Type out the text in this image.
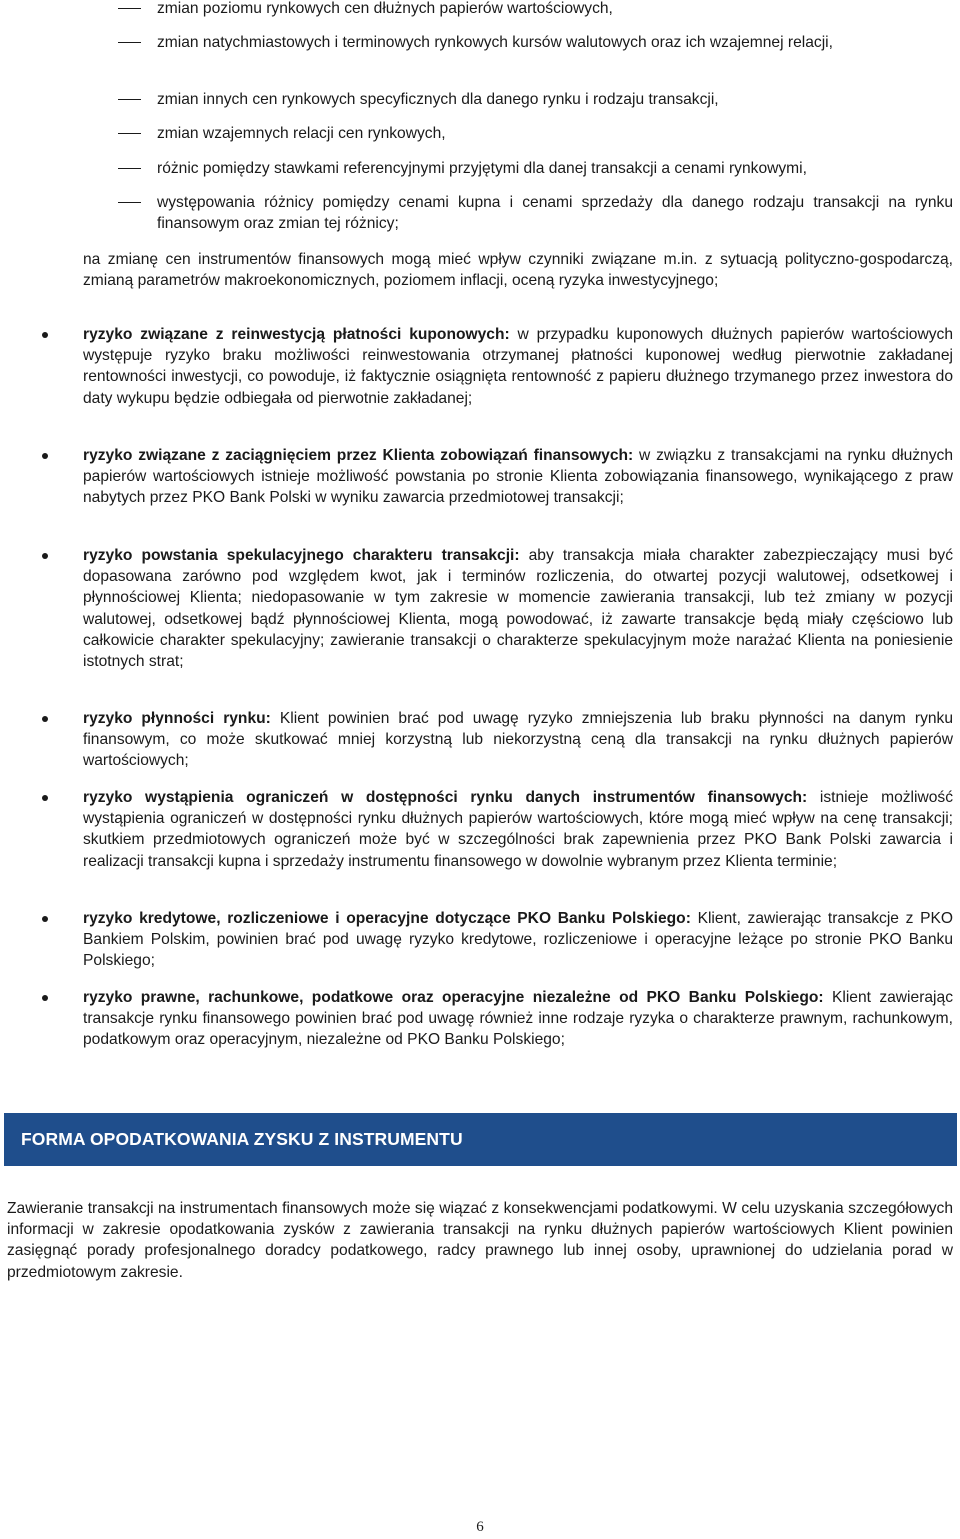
zmian poziomu rynkowych cen dłużnych papierów wartościowych,
zmian natychmiastowych i terminowych rynkowych kursów walutowych oraz ich wzajemnej relacji,
zmian innych cen rynkowych specyficznych dla danego rynku i rodzaju transakcji,
zmian wzajemnych relacji cen rynkowych,
różnic pomiędzy stawkami referencyjnymi przyjętymi dla danej transakcji a cenami rynkowymi,
występowania różnicy pomiędzy cenami kupna i cenami sprzedaży dla danego rodzaju transakcji na rynku finansowym oraz zmian tej różnicy;
na zmianę cen instrumentów finansowych mogą mieć wpływ czynniki związane m.in. z sytuacją polityczno-gospodarczą, zmianą parametrów makroekonomicznych, poziomem inflacji, oceną ryzyka inwestycyjnego;
ryzyko związane z reinwestycją płatności kuponowych: w przypadku kuponowych dłużnych papierów wartościowych występuje ryzyko braku możliwości reinwestowania otrzymanej płatności kuponowej według pierwotnie zakładanej rentowności inwestycji, co powoduje, iż faktycznie osiągnięta rentowność z papieru dłużnego trzymanego przez inwestora do daty wykupu będzie odbiegała od pierwotnie zakładanej;
ryzyko związane z zaciągnięciem przez Klienta zobowiązań finansowych: w związku z transakcjami na rynku dłużnych papierów wartościowych istnieje możliwość powstania po stronie Klienta zobowiązania finansowego, wynikającego z praw nabytych przez PKO Bank Polski w wyniku zawarcia przedmiotowej transakcji;
ryzyko powstania spekulacyjnego charakteru transakcji: aby transakcja miała charakter zabezpieczający musi być dopasowana zarówno pod względem kwot, jak i terminów rozliczenia, do otwartej pozycji walutowej, odsetkowej i płynnościowej Klienta; niedopasowanie w tym zakresie w momencie zawierania transakcji, lub też zmiany w pozycji walutowej, odsetkowej bądź płynnościowej Klienta, mogą powodować, iż zawarte transakcje będą miały częściowo lub całkowicie charakter spekulacyjny; zawieranie transakcji o charakterze spekulacyjnym może narażać Klienta na poniesienie istotnych strat;
ryzyko płynności rynku: Klient powinien brać pod uwagę ryzyko zmniejszenia lub braku płynności na danym rynku finansowym, co może skutkować mniej korzystną lub niekorzystną ceną dla transakcji na rynku dłużnych papierów wartościowych;
ryzyko wystąpienia ograniczeń w dostępności rynku danych instrumentów finansowych: istnieje możliwość wystąpienia ograniczeń w dostępności rynku dłużnych papierów wartościowych, które mogą mieć wpływ na cenę transakcji; skutkiem przedmiotowych ograniczeń może być w szczególności brak zapewnienia przez PKO Bank Polski zawarcia i realizacji transakcji kupna i sprzedaży instrumentu finansowego w dowolnie wybranym przez Klienta terminie;
ryzyko kredytowe, rozliczeniowe i operacyjne dotyczące PKO Banku Polskiego: Klient, zawierając transakcje z PKO Bankiem Polskim, powinien brać pod uwagę ryzyko kredytowe, rozliczeniowe i operacyjne leżące po stronie PKO Banku Polskiego;
ryzyko prawne, rachunkowe, podatkowe oraz operacyjne niezależne od PKO Banku Polskiego: Klient zawierając transakcje rynku finansowego powinien brać pod uwagę również inne rodzaje ryzyka o charakterze prawnym, rachunkowym, podatkowym oraz operacyjnym, niezależne od PKO Banku Polskiego;
FORMA OPODATKOWANIA ZYSKU Z INSTRUMENTU
Zawieranie transakcji na instrumentach finansowych może się wiązać z konsekwencjami podatkowymi. W celu uzyskania szczegółowych informacji w zakresie opodatkowania zysków z zawierania transakcji na rynku dłużnych papierów wartościowych Klient powinien zasięgnąć porady profesjonalnego doradcy podatkowego, radcy prawnego lub innej osoby, uprawnionej do udzielania porad w przedmiotowym zakresie.
6
